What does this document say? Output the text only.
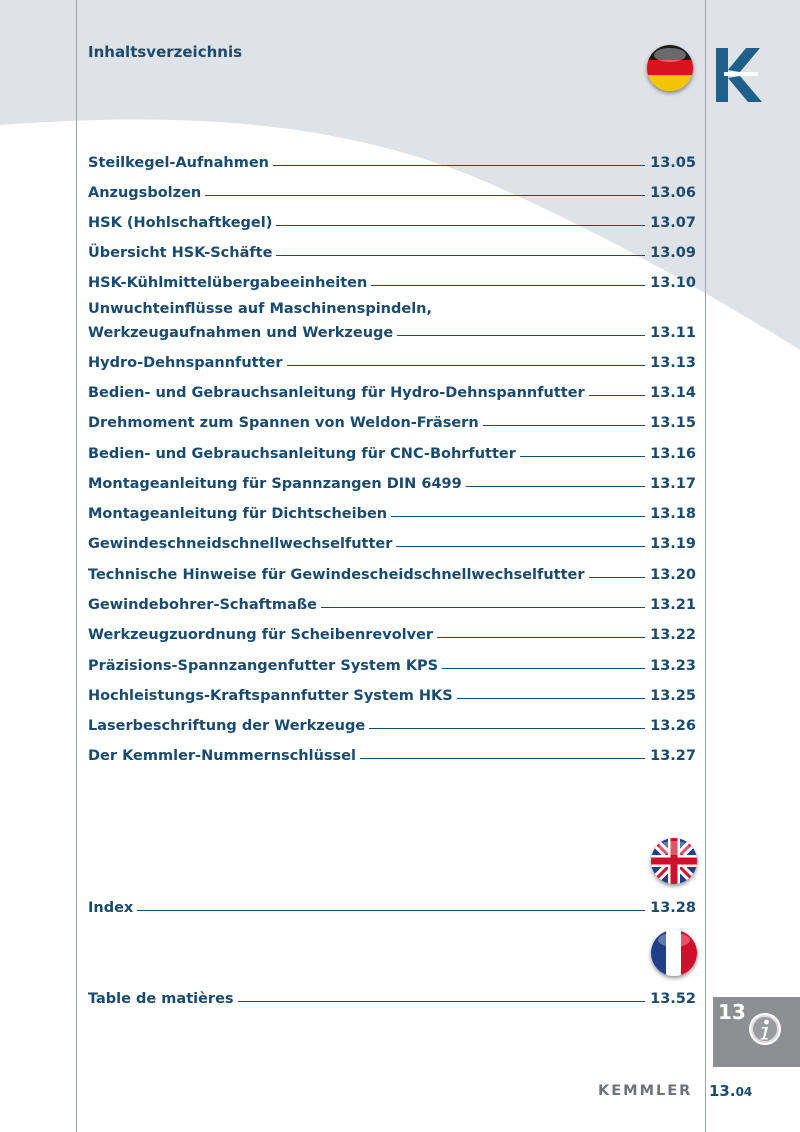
Inhaltsverzeichnis
Steilkegel-Aufnahmen	13.05
Anzugsbolzen	13.06
HSK (Hohlschaftkegel)	13.07
Übersicht HSK-Schäfte	13.09
HSK-Kühlmittelübergabeeinheiten	13.10
Unwuchteinflüsse auf Maschinenspindeln,
Werkzeugaufnahmen und Werkzeuge	13.11
Hydro-Dehnspannfutter	13.13
Bedien- und Gebrauchsanleitung für Hydro-Dehnspannfutter	13.14
Drehmoment zum Spannen von Weldon-Fräsern	13.15
Bedien- und Gebrauchsanleitung für CNC-Bohrfutter	13.16
Montageanleitung für Spannzangen DIN 6499	13.17
Montageanleitung für Dichtscheiben	13.18
Gewindeschneidschnellwechselfutter	13.19
Technische Hinweise für Gewindescheidschnellwechselfutter	13.20
Gewindebohrer-Schaftmaße	13.21
Werkzeugzuordnung für Scheibenrevolver	13.22
Präzisions-Spannzangenfutter System KPS	13.23
Hochleistungs-Kraftspannfutter System HKS	13.25
Laserbeschriftung der Werkzeuge	13.26
Der Kemmler-Nummernschlüssel	13.27
Index	13.28
Table de matières	13.52
13
KEMMLER 13.04
